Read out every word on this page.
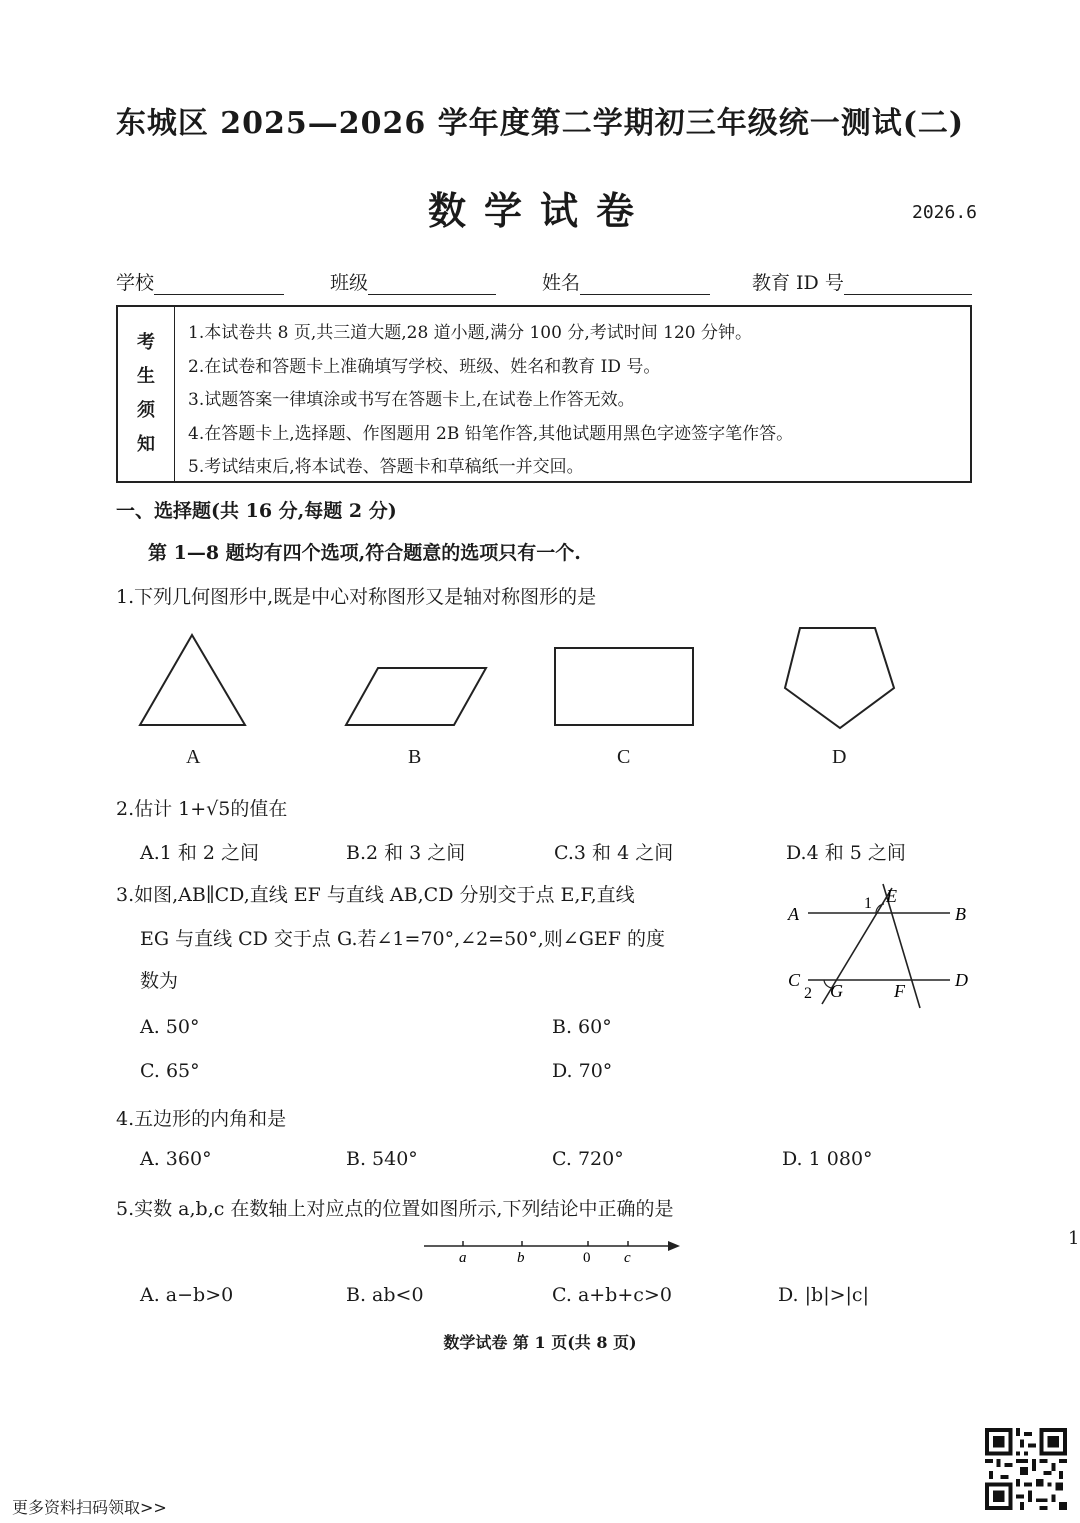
东城区 2025—2026 学年度第二学期初三年级统一测试(二)
数学试卷	2026.6
学校	班级	姓名	教育 ID 号
考
生
须
知
1.本试卷共 8 页,共三道大题,28 道小题,满分 100 分,考试时间 120 分钟。
2.在试卷和答题卡上准确填写学校、班级、姓名和教育 ID 号。
3.试题答案一律填涂或书写在答题卡上,在试卷上作答无效。
4.在答题卡上,选择题、作图题用 2B 铅笔作答,其他试题用黑色字迹签字笔作答。
5.考试结束后,将本试卷、答题卡和草稿纸一并交回。
一、选择题(共 16 分,每题 2 分)
第 1—8 题均有四个选项,符合题意的选项只有一个.
1.下列几何图形中,既是中心对称图形又是轴对称图形的是
A	B	C	D
2.估计 1+√5的值在
A.1 和 2 之间	B.2 和 3 之间	C.3 和 4 之间	D.4 和 5 之间
3.如图,AB∥CD,直线 EF 与直线 AB,CD 分别交于点 E,F,直线
EG 与直线 CD 交于点 G.若∠1=70°,∠2=50°,则∠GEF 的度
数为
A. 50°	B. 60°
C. 65°	D. 70°
A	B
C	D
E
F
G
1
2
4.五边形的内角和是
A. 360°	B. 540°	C. 720°	D. 1 080°
5.实数 a,b,c 在数轴上对应点的位置如图所示,下列结论中正确的是
a	b	0 c
A. a−b>0	B. ab<0	C. a+b+c>0	D. |b|>|c|
数学试卷 第 1 页(共 8 页)
1
更多资料扫码领取>>
